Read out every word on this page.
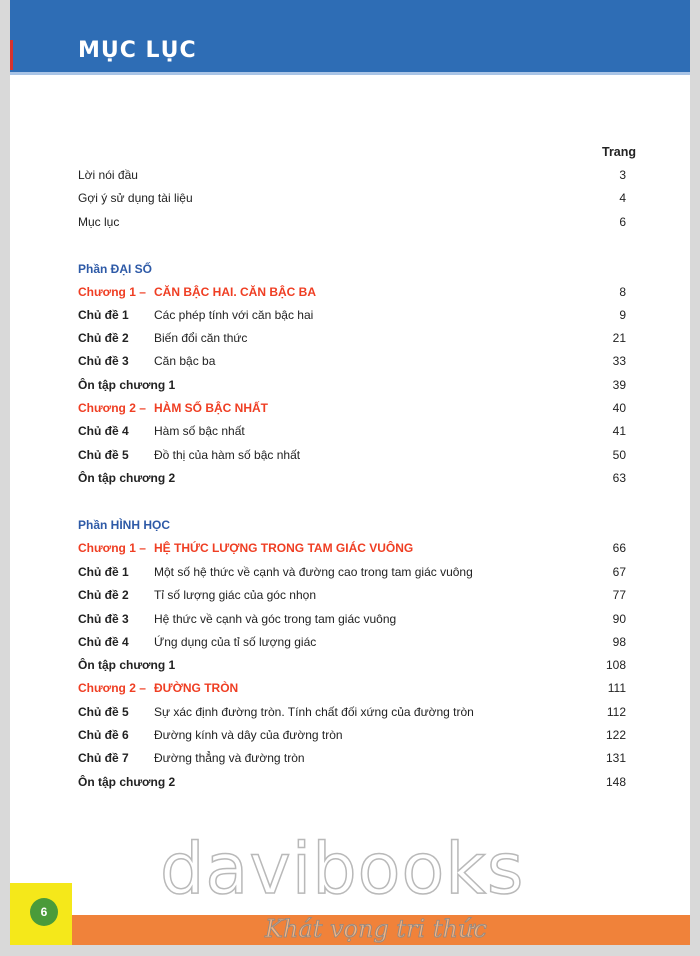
MỤC LỤC
Trang
Lời nói đầu	3
Gợi ý sử dụng tài liệu	4
Mục lục	6
Phần ĐẠI SỐ
Chương 1 – CĂN BẬC HAI. CĂN BẬC BA	8
Chủ đề 1 Các phép tính với căn bậc hai	9
Chủ đề 2 Biến đổi căn thức	21
Chủ đề 3 Căn bậc ba	33
Ôn tập chương 1	39
Chương 2 – HÀM SỐ BẬC NHẤT	40
Chủ đề 4 Hàm số bậc nhất	41
Chủ đề 5 Đồ thị của hàm số bậc nhất	50
Ôn tập chương 2	63
Phần HÌNH HỌC
Chương 1 – HỆ THỨC LƯỢNG TRONG TAM GIÁC VUÔNG	66
Chủ đề 1 Một số hệ thức về cạnh và đường cao trong tam giác vuông	67
Chủ đề 2 Tỉ số lượng giác của góc nhọn	77
Chủ đề 3 Hệ thức về cạnh và góc trong tam giác vuông	90
Chủ đề 4 Ứng dụng của tỉ số lượng giác	98
Ôn tập chương 1	108
Chương 2 – ĐƯỜNG TRÒN	111
Chủ đề 5 Sự xác định đường tròn. Tính chất đối xứng của đường tròn	112
Chủ đề 6 Đường kính và dây của đường tròn	122
Chủ đề 7 Đường thẳng và đường tròn	131
Ôn tập chương 2	148
davibooks
6
Khát vọng tri thức
